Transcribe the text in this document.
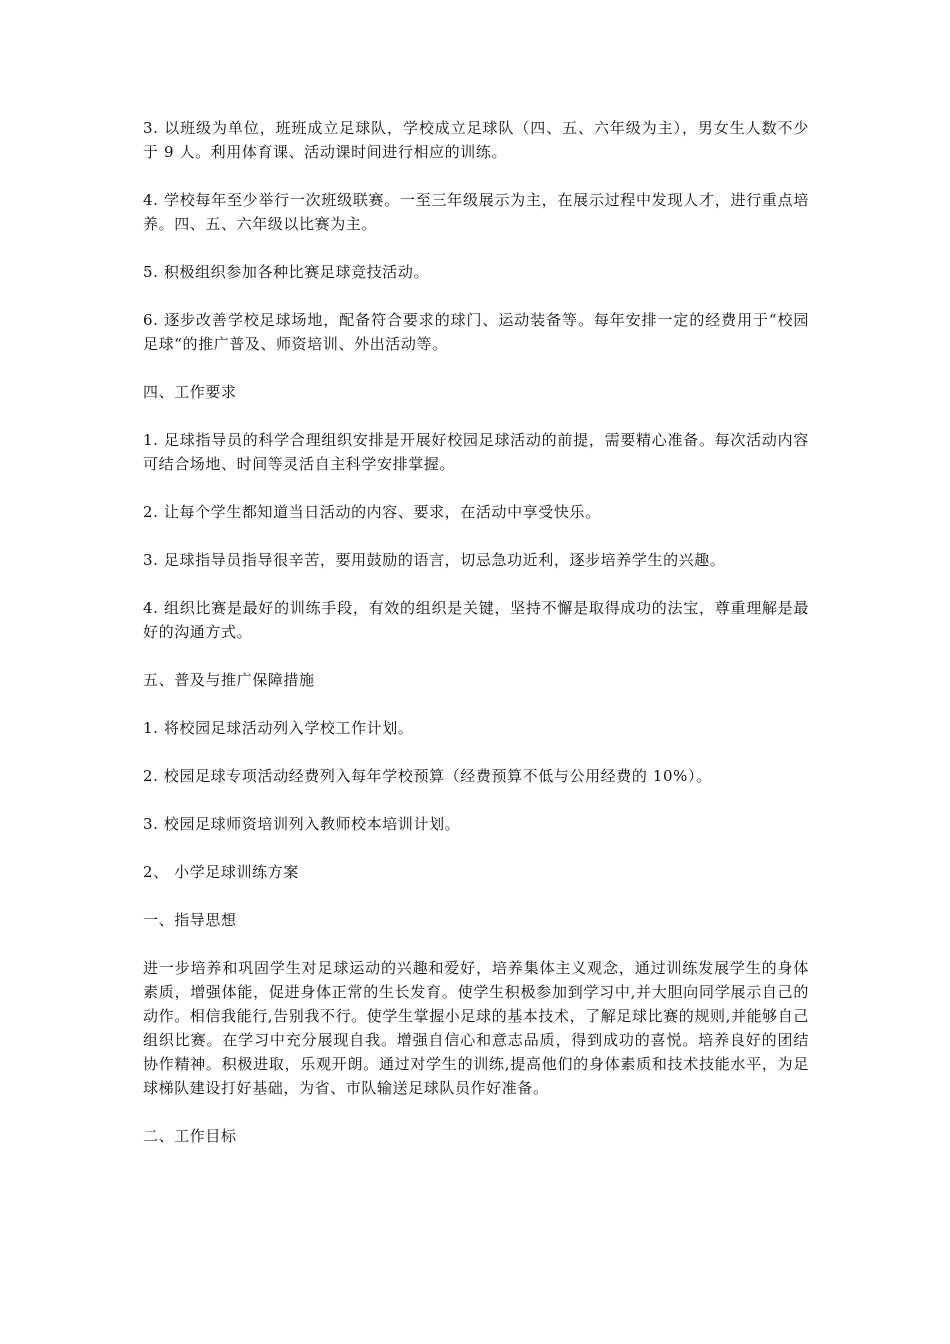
3. 以班级为单位，班班成立足球队，学校成立足球队（四、五、六年级为主），男女生人数不少于 9 人。利用体育课、活动课时间进行相应的训练。

4. 学校每年至少举行一次班级联赛。一至三年级展示为主，在展示过程中发现人才，进行重点培养。四、五、六年级以比赛为主。

5. 积极组织参加各种比赛足球竞技活动。

6. 逐步改善学校足球场地，配备符合要求的球门、运动装备等。每年安排一定的经费用于“校园足球“的推广普及、师资培训、外出活动等。

四、工作要求

1. 足球指导员的科学合理组织安排是开展好校园足球活动的前提，需要精心准备。每次活动内容可结合场地、时间等灵活自主科学安排掌握。

2. 让每个学生都知道当日活动的内容、要求，在活动中享受快乐。

3. 足球指导员指导很辛苦，要用鼓励的语言，切忌急功近利，逐步培养学生的兴趣。

4. 组织比赛是最好的训练手段，有效的组织是关键，坚持不懈是取得成功的法宝，尊重理解是最好的沟通方式。

五、普及与推广保障措施

1. 将校园足球活动列入学校工作计划。

2. 校园足球专项活动经费列入每年学校预算（经费预算不低与公用经费的 10%）。

3. 校园足球师资培训列入教师校本培训计划。

2、 小学足球训练方案

一、指导思想

进一步培养和巩固学生对足球运动的兴趣和爱好，培养集体主义观念，通过训练发展学生的身体素质，增强体能，促进身体正常的生长发育。使学生积极参加到学习中,并大胆向同学展示自己的动作。相信我能行,告别我不行。使学生掌握小足球的基本技术，了解足球比赛的规则,并能够自己组织比赛。在学习中充分展现自我。增强自信心和意志品质，得到成功的喜悦。培养良好的团结协作精神。积极进取，乐观开朗。通过对学生的训练,提高他们的身体素质和技术技能水平，为足球梯队建设打好基础，为省、市队输送足球队员作好准备。

二、工作目标
